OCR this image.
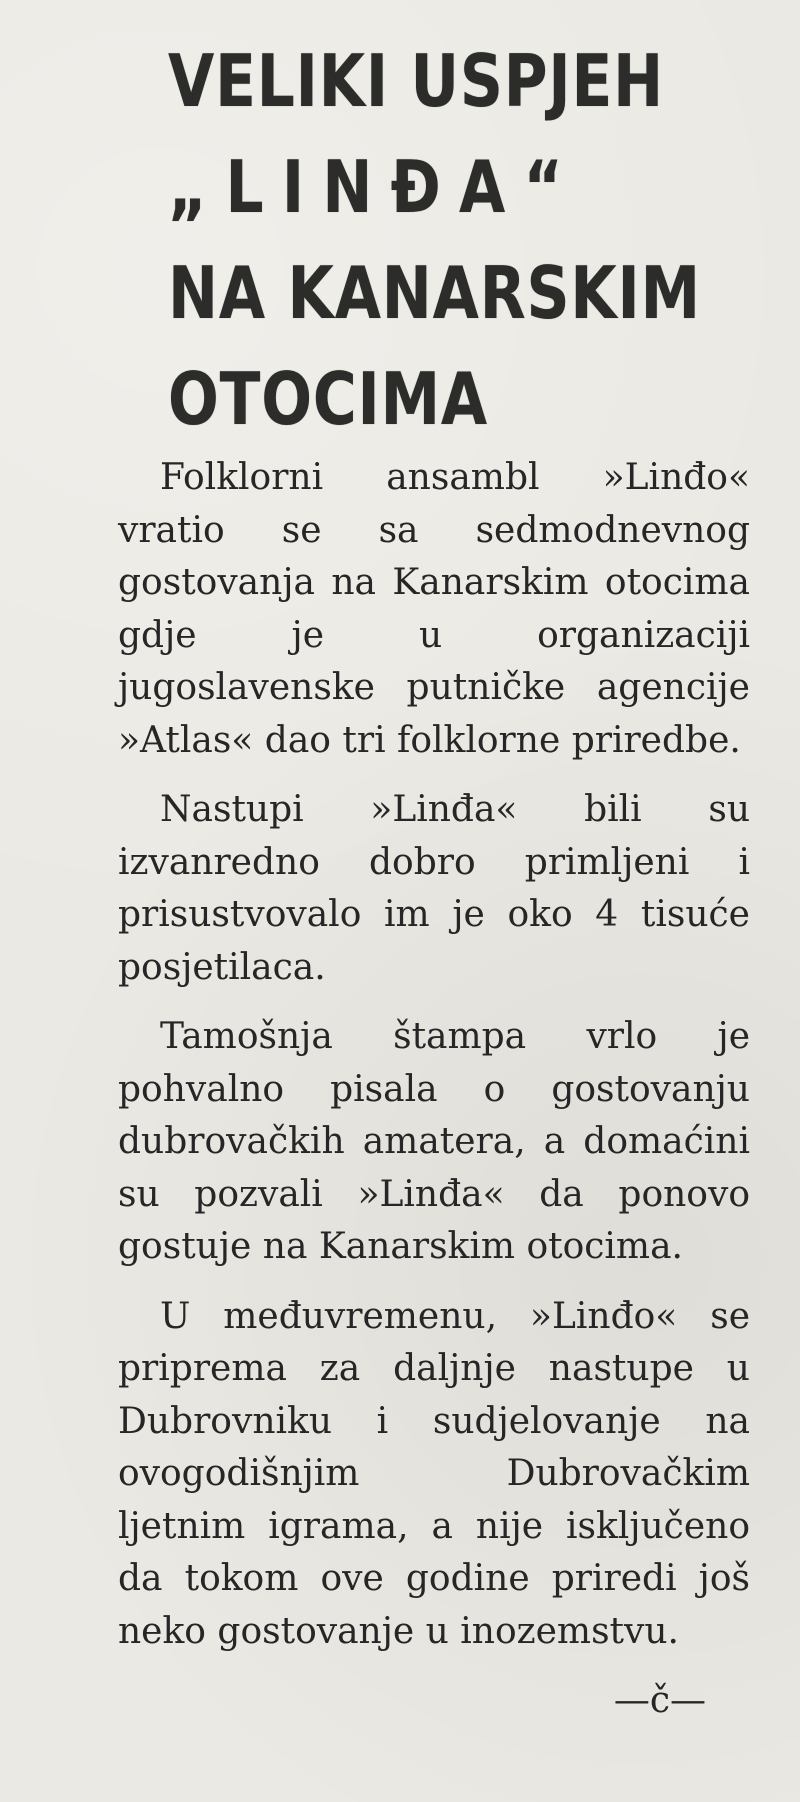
VELIKI USPJEH
„LINĐA“
NA KANARSKIM
OTOCIMA

Folklorni ansambl »Linđo« vratio se sa sedmodnevnog gostovanja na Kanarskim otocima gdje je u organizaciji jugoslavenske putničke agencije »Atlas« dao tri folklorne priredbe.

Nastupi »Linđa« bili su izvanredno dobro primljeni i prisustvovalo im je oko 4 tisuće posjetilaca.

Tamošnja štampa vrlo je pohvalno pisala o gostovanju dubrovačkih amatera, a domaćini su pozvali »Linđa« da ponovo gostuje na Kanarskim otocima.

U međuvremenu, »Linđo« se priprema za daljnje nastupe u Dubrovniku i sudjelovanje na ovogodišnjim Dubrovačkim ljetnim igrama, a nije isključeno da tokom ove godine priredi još neko gostovanje u inozemstvu.

—č—
